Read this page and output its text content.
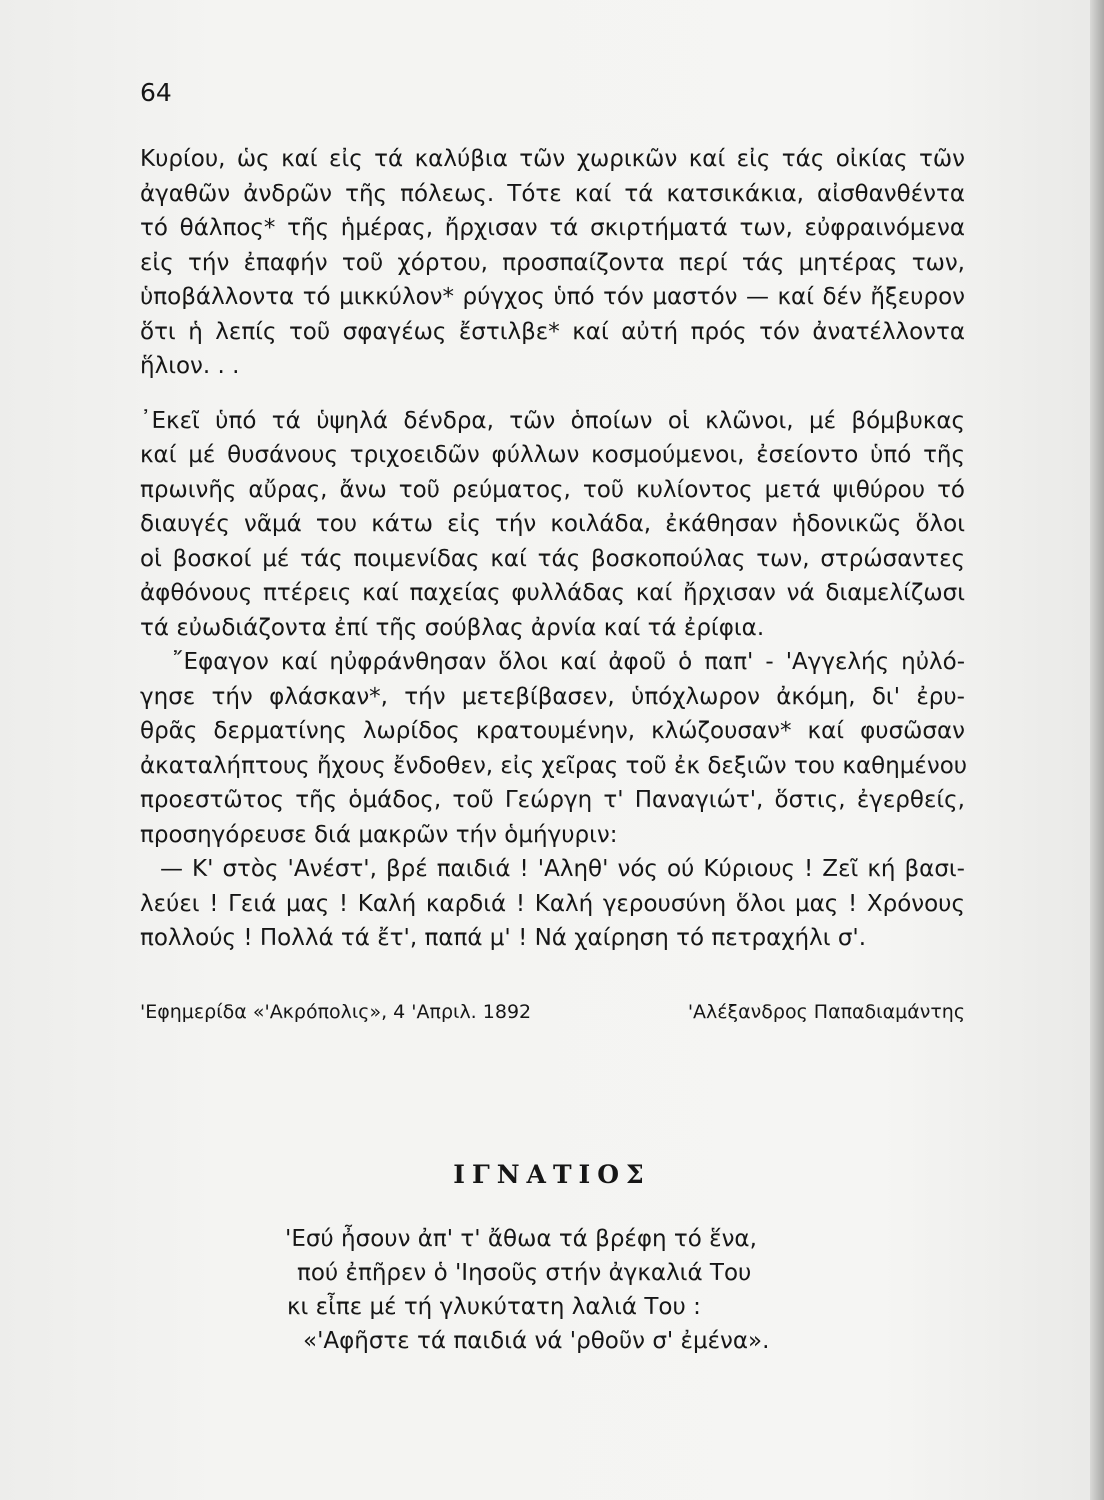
64
Κυρίου, ὡς καί εἰς τά καλύβια τῶν χωρικῶν καί εἰς τάς οἰκίας τῶν
ἀγαθῶν ἀνδρῶν τῆς πόλεως. Τότε καί τά κατσικάκια, αἰσθανθέντα
τό θάλπος* τῆς ἡμέρας, ἤρχισαν τά σκιρτήματά των, εὐφραινόμενα
εἰς τήν ἐπαφήν τοῦ χόρτου, προσπαίζοντα περί τάς μητέρας των,
ὑποβάλλοντα τό μικκύλον* ρύγχος ὑπό τόν μαστόν — καί δέν ἤξευρον
ὅτι ἡ λεπίς τοῦ σφαγέως ἔστιλβε* καί αὐτή πρός τόν ἀνατέλλοντα
ἥλιον. . .
᾿Εκεῖ ὑπό τά ὑψηλά δένδρα, τῶν ὁποίων οἱ κλῶνοι, μέ βόμβυκας
καί μέ θυσάνους τριχοειδῶν φύλλων κοσμούμενοι, ἐσείοντο ὑπό τῆς
πρωινῆς αὔρας, ἄνω τοῦ ρεύματος, τοῦ κυλίοντος μετά ψιθύρου τό
διαυγές νᾶμά του κάτω εἰς τήν κοιλάδα, ἐκάθησαν ἡδονικῶς ὅλοι
οἱ βοσκοί μέ τάς ποιμενίδας καί τάς βοσκοπούλας των, στρώσαντες
ἀφθόνους πτέρεις καί παχείας φυλλάδας καί ἤρχισαν νά διαμελίζωσι
τά εὐωδιάζοντα ἐπί τῆς σούβλας ἀρνία καί τά ἐρίφια.
῎Εφαγον καί ηὐφράνθησαν ὅλοι καί ἀφοῦ ὁ παπ' - 'Αγγελής ηὐλό-
γησε τήν φλάσκαν*, τήν μετεβίβασεν, ὑπόχλωρον ἀκόμη, δι' ἐρυ-
θρᾶς δερματίνης λωρίδος κρατουμένην, κλώζουσαν* καί φυσῶσαν
ἀκαταλήπτους ἤχους ἔνδοθεν, εἰς χεῖρας τοῦ ἐκ δεξιῶν του καθημένου
προεστῶτος τῆς ὁμάδος, τοῦ Γεώργη τ' Παναγιώτ', ὅστις, ἐγερθείς,
προσηγόρευσε διά μακρῶν τήν ὁμήγυριν:
— Κ' στὸς 'Ανέστ', βρέ παιδιά ! 'Αληθ' νός ού Κύριους ! Ζεῖ κή βασι-
λεύει ! Γειά μας ! Καλή καρδιά ! Καλή γερουσύνη ὅλοι μας ! Χρόνους
πολλούς ! Πολλά τά ἔτ', παπά μ' ! Νά χαίρηση τό πετραχήλι σ'.
'Εφημερίδα «'Ακρόπολις», 4 'Απριλ. 1892	'Αλέξανδρος Παπαδιαμάντης
ΙΓΝΑΤΙΟΣ
'Εσύ ἦσουν ἀπ' τ' ἄθωα τά βρέφη τό ἕνα,
πού ἐπῆρεν ὁ 'Ιησοῦς στήν ἀγκαλιά Του
κι εἶπε μέ τή γλυκύτατη λαλιά Του :
«'Αφῆστε τά παιδιά νά 'ρθοῦν σ' ἐμένα».
